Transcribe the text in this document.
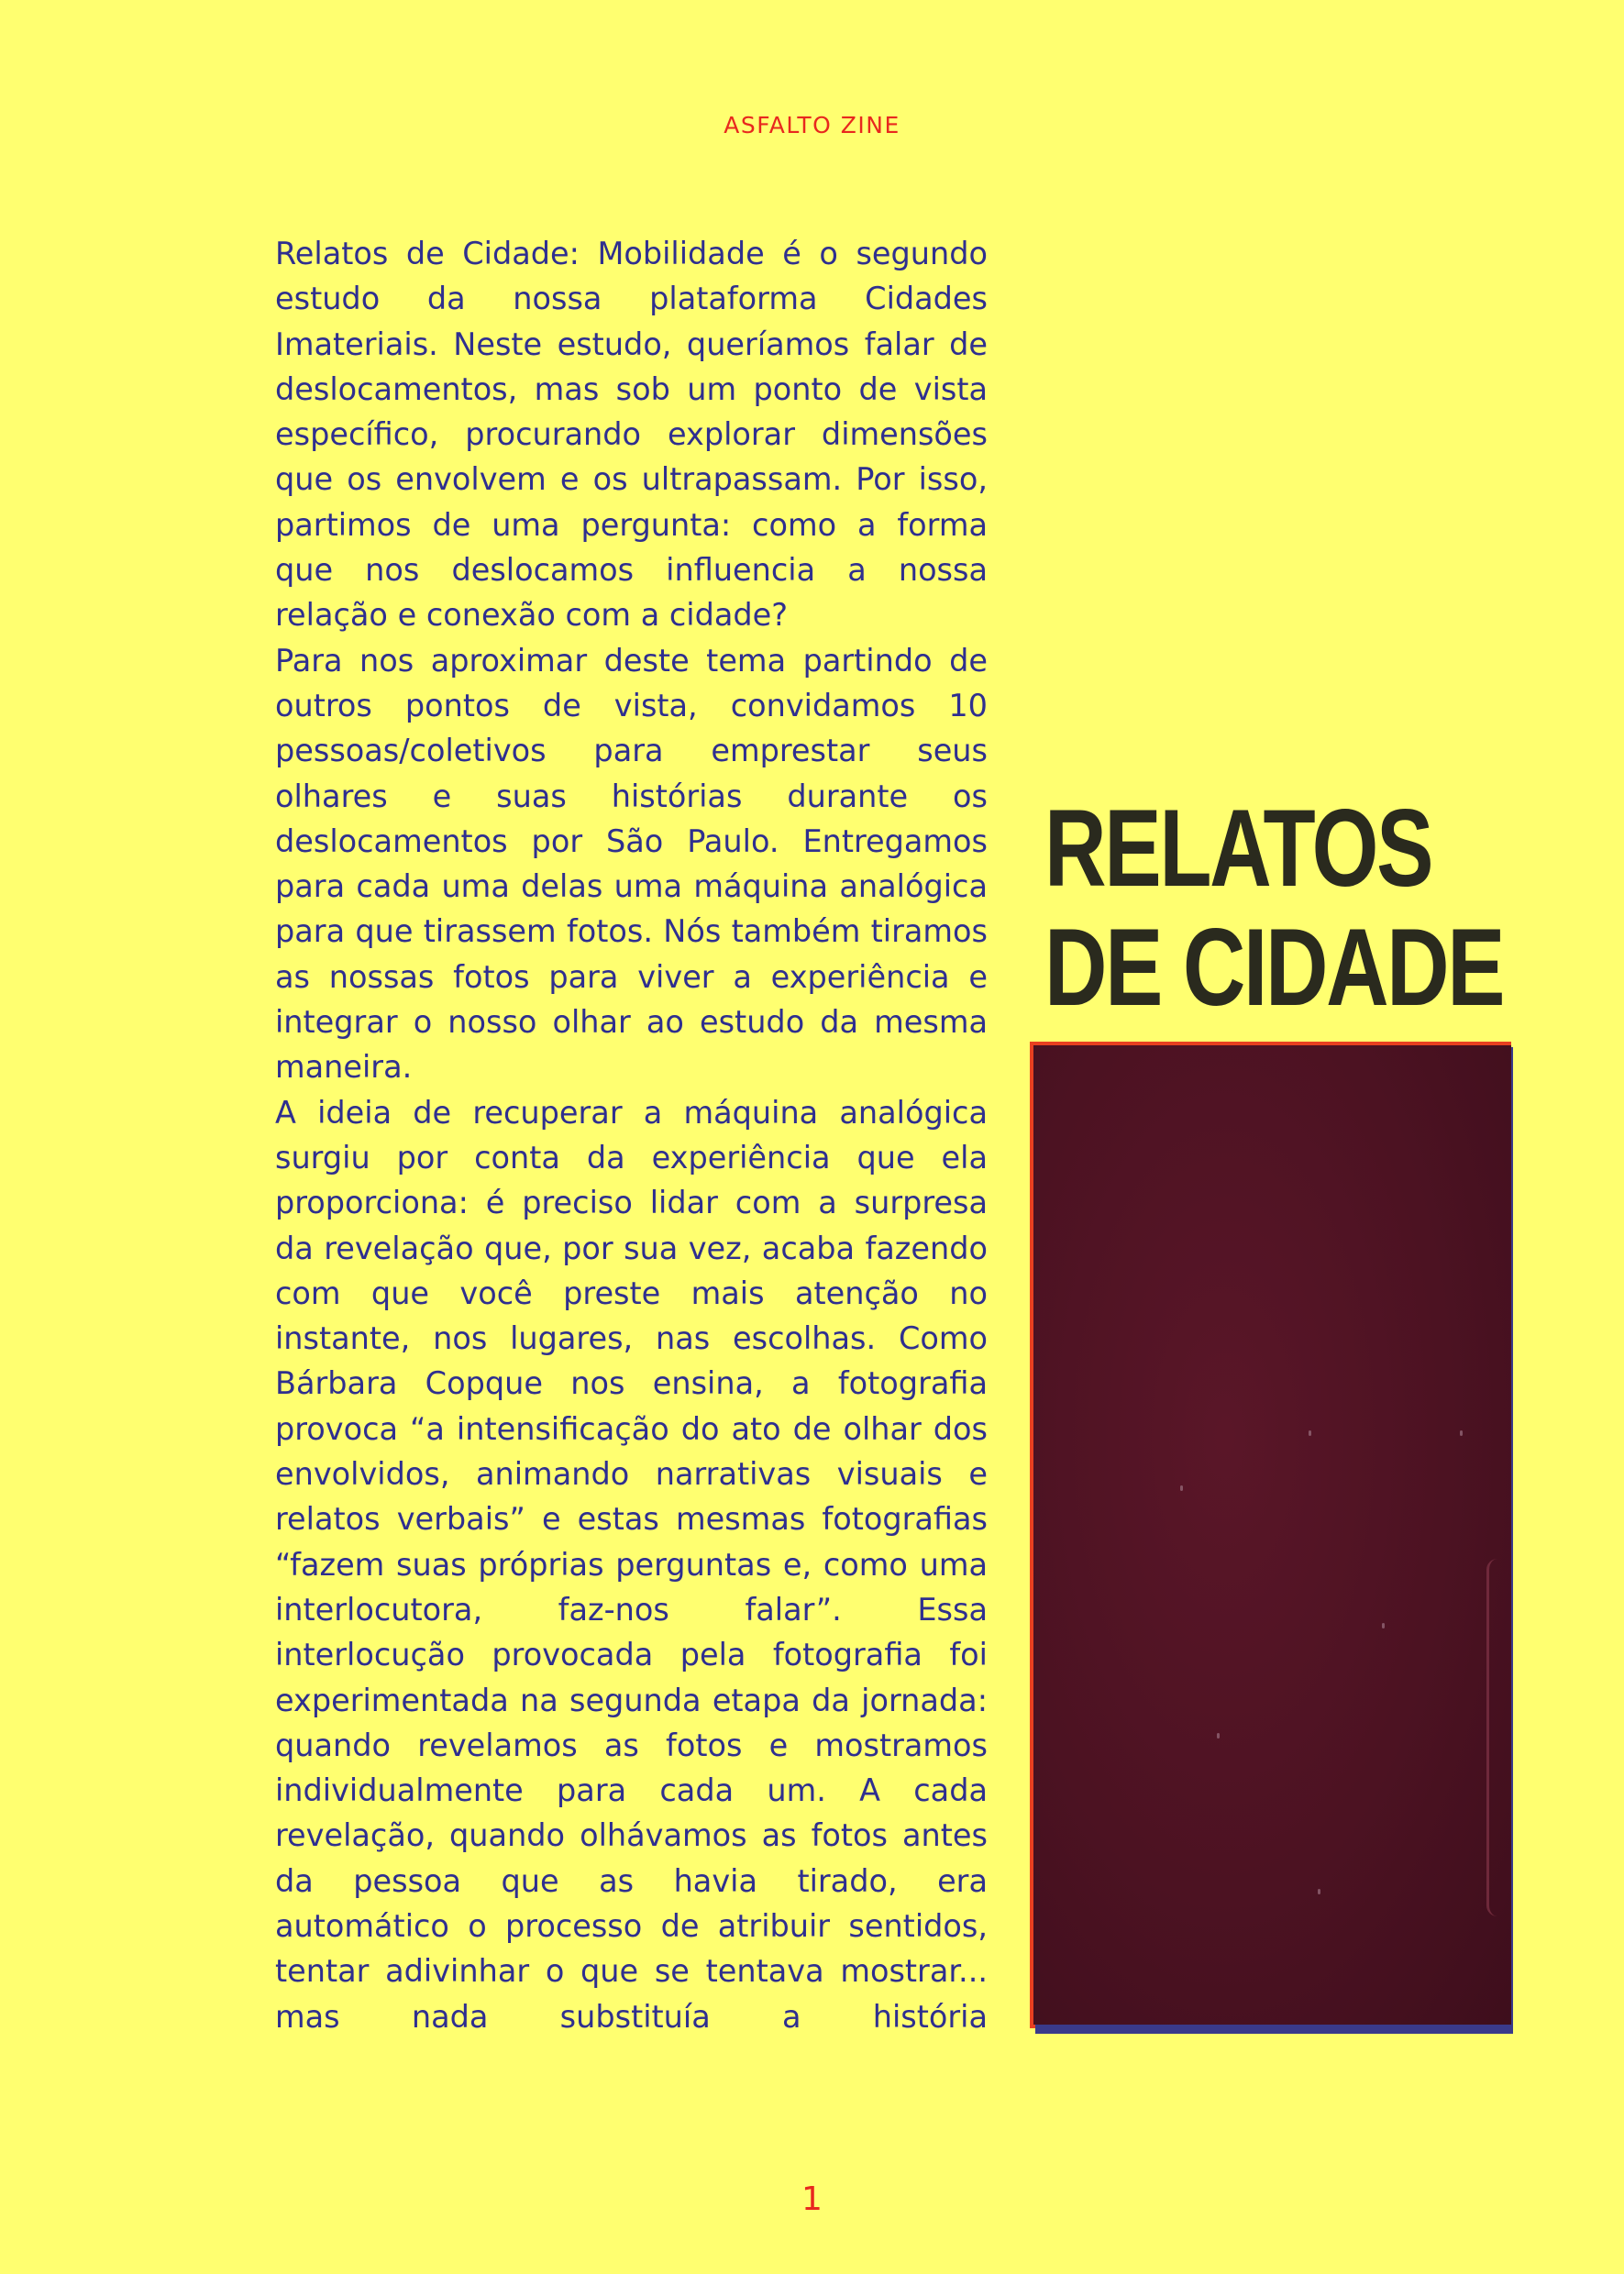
ASFALTO ZINE

Relatos de Cidade: Mobilidade é o segundo estudo da nossa plataforma Cidades Imateriais. Neste estudo, queríamos falar de deslocamentos, mas sob um ponto de vista específico, procurando explorar dimensões que os envolvem e os ultrapassam. Por isso, partimos de uma pergunta: como a forma que nos deslocamos influencia a nossa relação e conexão com a cidade?

Para nos aproximar deste tema partindo de outros pontos de vista, convidamos 10 pessoas/coletivos para emprestar seus olhares e suas histórias durante os deslocamentos por São Paulo. Entregamos para cada uma delas uma máquina analógica para que tirassem fotos. Nós também tiramos as nossas fotos para viver a experiência e integrar o nosso olhar ao estudo da mesma maneira.

A ideia de recuperar a máquina analógica surgiu por conta da experiência que ela proporciona: é preciso lidar com a surpresa da revelação que, por sua vez, acaba fazendo com que você preste mais atenção no instante, nos lugares, nas escolhas. Como Bárbara Copque nos ensina, a fotografia provoca “a intensificação do ato de olhar dos envolvidos, animando narrativas visuais e relatos verbais” e estas mesmas fotografias “fazem suas próprias perguntas e, como uma interlocutora, faz-nos falar”. Essa interlocução provocada pela fotografia foi experimentada na segunda etapa da jornada: quando revelamos as fotos e mostramos individualmente para cada um. A cada revelação, quando olhávamos as fotos antes da pessoa que as havia tirado, era automático o processo de atribuir sentidos, tentar adivinhar o que se tentava mostrar... mas nada substituía a história

RELATOS
DE CIDADE
1
